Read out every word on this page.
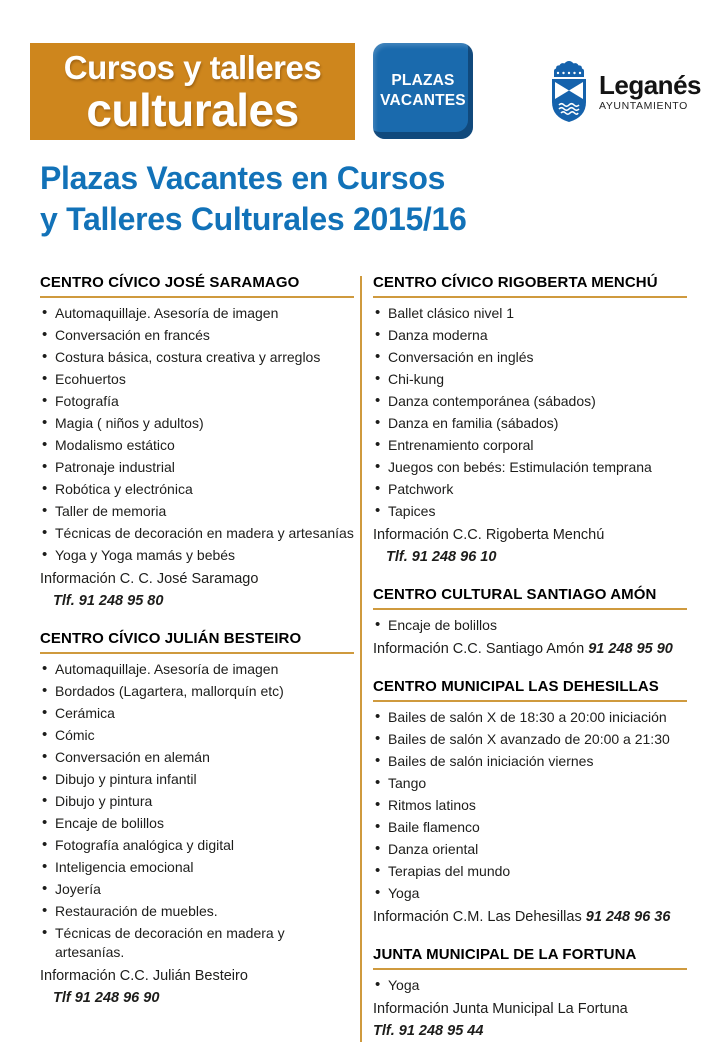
Cursos y talleres
culturales
PLAZAS
VACANTES
Leganés
AYUNTAMIENTO
Plazas Vacantes en Cursos
y Talleres Culturales 2015/16
CENTRO CÍVICO JOSÉ SARAMAGO
• Automaquillaje. Asesoría de imagen
• Conversación en francés
• Costura básica, costura creativa y arreglos
• Ecohuertos
• Fotografía
• Magia ( niños y adultos)
• Modalismo estático
• Patronaje industrial
• Robótica y electrónica
• Taller de memoria
• Técnicas de decoración en madera y artesanías
• Yoga y Yoga mamás y bebés
Información C. C. José Saramago
Tlf. 91 248 95 80
CENTRO CÍVICO JULIÁN BESTEIRO
• Automaquillaje. Asesoría de imagen
• Bordados (Lagartera, mallorquín etc)
• Cerámica
• Cómic
• Conversación en alemán
• Dibujo y pintura infantil
• Dibujo y pintura
• Encaje de bolillos
• Fotografía analógica y digital
• Inteligencia emocional
• Joyería
• Restauración de muebles.
• Técnicas de decoración en madera y artesanías.
Información C.C. Julián Besteiro
Tlf 91 248 96 90
CENTRO CÍVICO RIGOBERTA MENCHÚ
• Ballet clásico nivel 1
• Danza moderna
• Conversación en inglés
• Chi-kung
• Danza contemporánea (sábados)
• Danza en familia (sábados)
• Entrenamiento corporal
• Juegos con bebés: Estimulación temprana
• Patchwork
• Tapices
Información C.C. Rigoberta Menchú
Tlf. 91 248 96 10
CENTRO CULTURAL SANTIAGO AMÓN
• Encaje de bolillos
Información C.C. Santiago Amón 91 248 95 90
CENTRO MUNICIPAL LAS DEHESILLAS
• Bailes de salón X de 18:30 a 20:00 iniciación
• Bailes de salón X avanzado de 20:00 a 21:30
• Bailes de salón iniciación viernes
• Tango
• Ritmos latinos
• Baile flamenco
• Danza oriental
• Terapias del mundo
• Yoga
Información C.M. Las Dehesillas 91 248 96 36
JUNTA MUNICIPAL DE LA FORTUNA
• Yoga
Información Junta Municipal La Fortuna
Tlf. 91 248 95 44
